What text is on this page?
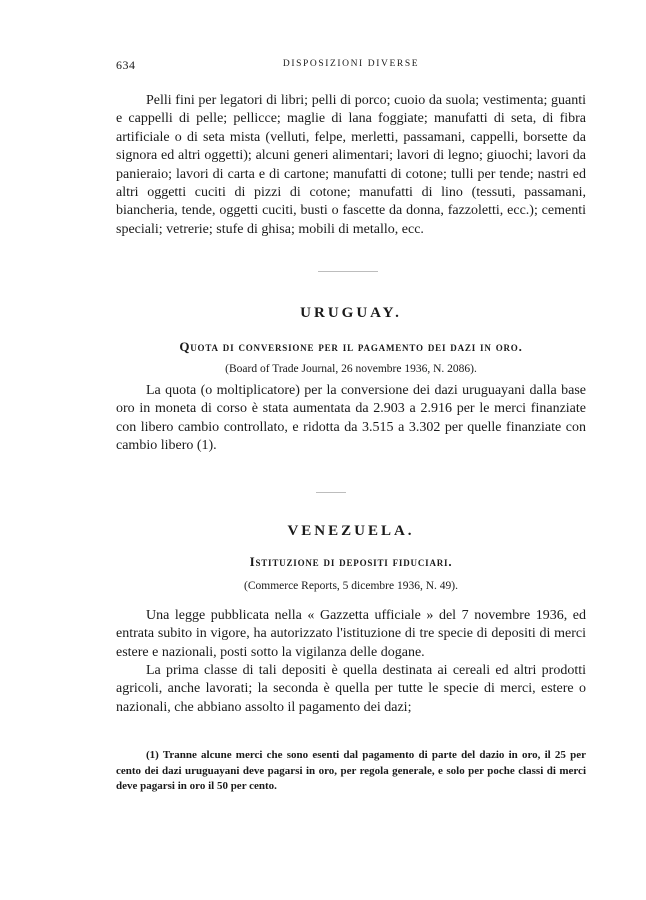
634	DISPOSIZIONI DIVERSE

Pelli fini per legatori di libri; pelli di porco; cuoio da suola; vestimenta; guanti e cappelli di pelle; pellicce; maglie di lana foggiate; manufatti di seta, di fibra artificiale o di seta mista (velluti, felpe, merletti, passamani, cappelli, borsette da signora ed altri oggetti); alcuni generi alimentari; lavori di legno; giuochi; lavori da panieraio; lavori di carta e di cartone; manufatti di cotone; tulli per tende; nastri ed altri oggetti cuciti di pizzi di cotone; manufatti di lino (tessuti, passamani, biancheria, tende, oggetti cuciti, busti o fascette da donna, fazzoletti, ecc.); cementi speciali; vetrerie; stufe di ghisa; mobili di metallo, ecc.

URUGUAY.
Quota di conversione per il pagamento dei dazi in oro.

(Board of Trade Journal, 26 novembre 1936, N. 2086).

La quota (o moltiplicatore) per la conversione dei dazi uruguayani dalla base oro in moneta di corso è stata aumentata da 2.903 a 2.916 per le merci finanziate con libero cambio controllato, e ridotta da 3.515 a 3.302 per quelle finanziate con cambio libero (1).

VENEZUELA.
Istituzione di depositi fiduciari.

(Commerce Reports, 5 dicembre 1936, N. 49).

Una legge pubblicata nella « Gazzetta ufficiale » del 7 novembre 1936, ed entrata subito in vigore, ha autorizzato l'istituzione di tre specie di depositi di merci estere e nazionali, posti sotto la vigilanza delle dogane.

La prima classe di tali depositi è quella destinata ai cereali ed altri prodotti agricoli, anche lavorati; la seconda è quella per tutte le specie di merci, estere o nazionali, che abbiano assolto il pagamento dei dazi;

(1) Tranne alcune merci che sono esenti dal pagamento di parte del dazio in oro, il 25 per cento dei dazi uruguayani deve pagarsi in oro, per regola generale, e solo per poche classi di merci deve pagarsi in oro il 50 per cento.
